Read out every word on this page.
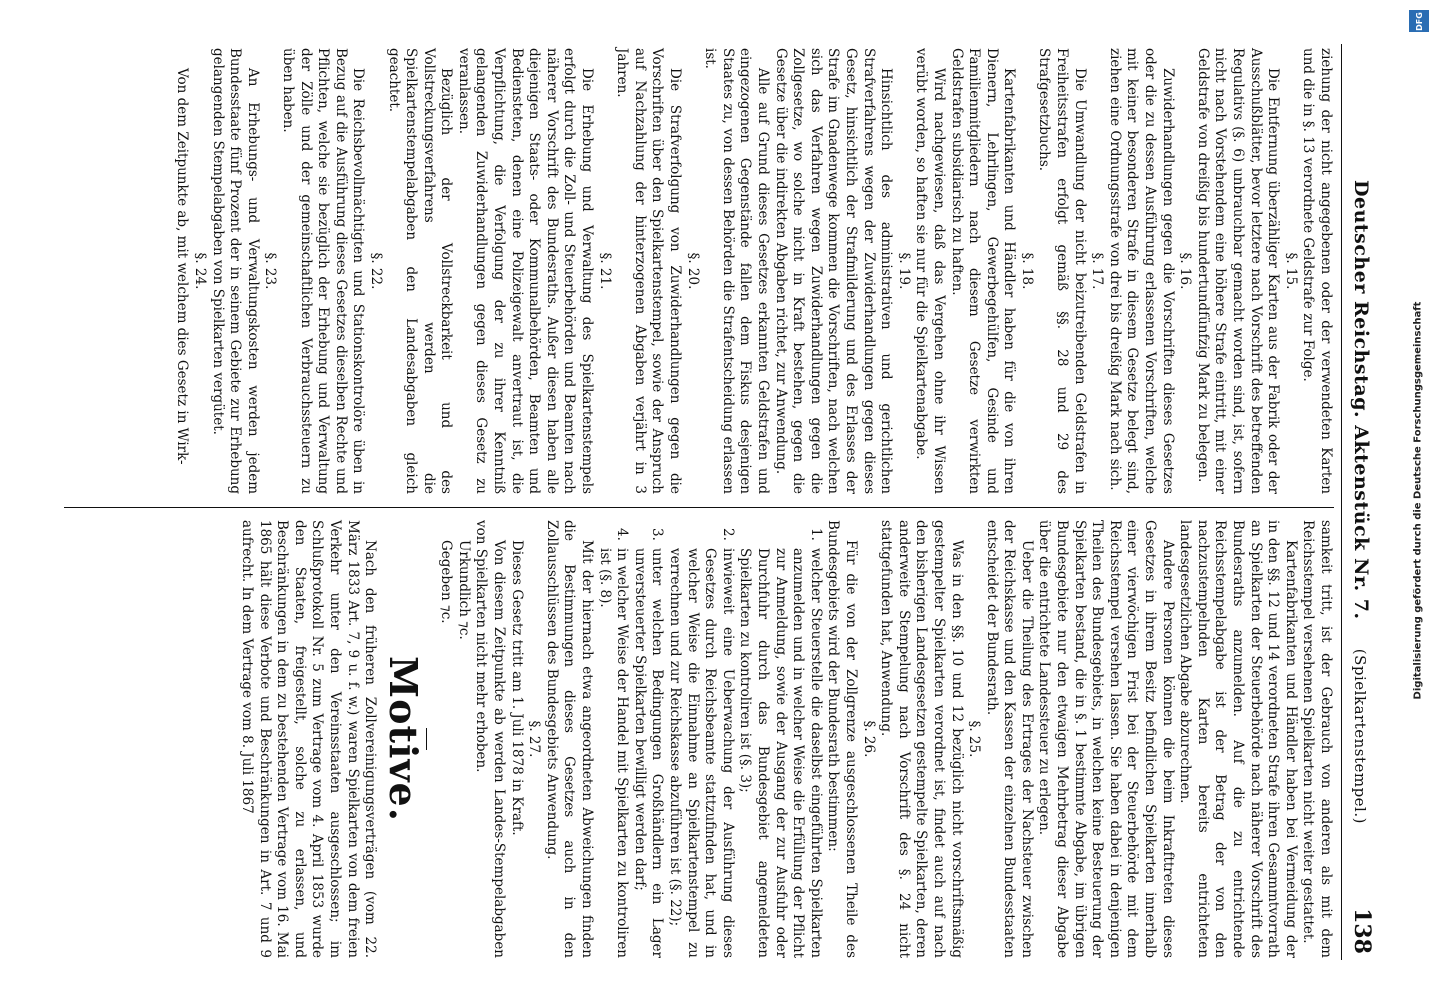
Deutscher Reichstag. Aktenstück Nr. 7. (Spielkartenstempel.)
138

ziehung der nicht angegebenen oder der verwendeten Karten und die in §. 13 verordnete Geldstrafe zur Folge.

§. 15.

Die Entfernung überzähliger Karten aus der Fabrik oder der Ausschußblätter, bevor letztere nach Vorschrift des betreffenden Regulativs (§. 6) unbrauchbar gemacht worden sind, ist, sofern nicht nach Vorstehendem eine höhere Strafe eintritt, mit einer Geldstrafe von dreißig bis hundertundfünfzig Mark zu belegen.

§. 16.

Zuwiderhandlungen gegen die Vorschriften dieses Gesetzes oder die zu dessen Ausführung erlassenen Vorschriften, welche mit keiner besonderen Strafe in diesem Gesetze belegt sind, ziehen eine Ordnungsstrafe von drei bis dreißig Mark nach sich.

§. 17.

Die Umwandlung der nicht beizutreibenden Geldstrafen in Freiheitsstrafen erfolgt gemäß §§. 28 und 29 des Strafgesetzbuchs.

§. 18.

Kartenfabrikanten und Händler haben für die von ihren Dienern, Lehrlingen, Gewerbegehülfen, Gesinde und Familienmitgliedern nach diesem Gesetze verwirkten Geldstrafen subsidiarisch zu haften.

Wird nachgewiesen, daß das Vergehen ohne ihr Wissen verübt worden, so haften sie nur für die Spielkartenabgabe.

§. 19.

Hinsichtlich des administrativen und gerichtlichen Strafverfahrens wegen der Zuwiderhandlungen gegen dieses Gesetz, hinsichtlich der Strafmilderung und des Erlasses der Strafe im Gnadenwege kommen die Vorschriften, nach welchen sich das Verfahren wegen Zuwiderhandlungen gegen die Zollgesetze, wo solche nicht in Kraft bestehen, gegen die Gesetze über die indirekten Abgaben richtet, zur Anwendung.

Alle auf Grund dieses Gesetzes erkannten Geldstrafen und eingezogenen Gegenstände fallen dem Fiskus desjenigen Staates zu, von dessen Behörden die Strafentscheidung erlassen ist.

§. 20.

Die Strafverfolgung von Zuwiderhandlungen gegen die Vorschriften über den Spielkartenstempel, sowie der Anspruch auf Nachzahlung der hinterzogenen Abgaben verjährt in 3 Jahren.

§. 21.

Die Erhebung und Verwaltung des Spielkartenstempels erfolgt durch die Zoll- und Steuerbehörden und Beamten nach näherer Vorschrift des Bundesraths. Außer diesen haben alle diejenigen Staats- oder Kommunalbehörden, Beamten und Bediensteten, denen eine Polizeigewalt anvertraut ist, die Verpflichtung, die Verfolgung der zu ihrer Kenntniß gelangenden Zuwiderhandlungen gegen dieses Gesetz zu veranlassen.

Bezüglich der Vollstreckbarkeit und des Vollstreckungsverfahrens werden die Spielkartenstempelabgaben den Landesabgaben gleich geachtet.

§. 22.

Die Reichsbevollmächtigten und Stationskontrolöre üben in Bezug auf die Ausführung dieses Gesetzes dieselben Rechte und Pflichten, welche sie bezüglich der Erhebung und Verwaltung der Zölle und der gemeinschaftlichen Verbrauchssteuern zu üben haben.

§. 23.

An Erhebungs- und Verwaltungskosten werden jedem Bundesstaate fünf Prozent der in seinem Gebiete zur Erhebung gelangenden Stempelabgaben von Spielkarten vergütet.

§. 24.

Von dem Zeitpunkte ab, mit welchem dies Gesetz in Wirk-

samkeit tritt, ist der Gebrauch von anderen als mit dem Reichsstempel versehenen Spielkarten nicht weiter gestattet.

Kartenfabrikanten und Händler haben bei Vermeidung der in den §§. 12 und 14 verordneten Strafe ihren Gesammtvorrath an Spielkarten der Steuerbehörde nach näherer Vorschrift des Bundesraths anzumelden. Auf die zu entrichtende Reichsstempelabgabe ist der Betrag der von den nachzustempelnden Karten bereits entrichteten landesgesetzlichen Abgabe abzurechnen.

Andere Personen können die beim Inkrafttreten dieses Gesetzes in ihrem Besitz befindlichen Spielkarten innerhalb einer vierwöchigen Frist bei der Steuerbehörde mit dem Reichsstempel versehen lassen. Sie haben dabei in denjenigen Theilen des Bundesgebiets, in welchen keine Besteuerung der Spielkarten bestand, die in §. 1 bestimmte Abgabe, im übrigen Bundesgebiete nur den etwaigen Mehrbetrag dieser Abgabe über die entrichtete Landessteuer zu erlegen.

Ueber die Theilung des Ertrages der Nachsteuer zwischen der Reichskasse und den Kassen der einzelnen Bundesstaaten entscheidet der Bundesrath.

§. 25.

Was in den §§. 10 und 12 bezüglich nicht vorschriftsmäßig gestempelter Spielkarten verordnet ist, findet auch auf nach den bisherigen Landesgesetzen gestempelte Spielkarten, deren anderweite Stempelung nach Vorschrift des §. 24 nicht stattgefunden hat, Anwendung.

§. 26.

Für die von der Zollgrenze ausgeschlossenen Theile des Bundesgebiets wird der Bundesrath bestimmen:

1.
welcher Steuerstelle die daselbst eingeführten Spielkarten anzumelden und in welcher Weise die Erfüllung der Pflicht zur Anmeldung, sowie der Ausgang der zur Ausfuhr oder Durchfuhr durch das Bundesgebiet angemeldeten Spielkarten zu kontroliren ist (§. 3);

2.
inwieweit eine Ueberwachung der Ausführung dieses Gesetzes durch Reichsbeamte stattzufinden hat, und in welcher Weise die Einnahme an Spielkartenstempel zu verrechnen und zur Reichskasse abzuführen ist (§. 22);

3.
unter welchen Bedingungen Großhändlern ein Lager unversteuerter Spielkarten bewilligt werden darf;

4.
in welcher Weise der Handel mit Spielkarten zu kontroliren ist (§. 8).

Mit der hiernach etwa angeordneten Abweichungen finden die Bestimmungen dieses Gesetzes auch in den Zollausschlüssen des Bundesgebiets Anwendung.

§. 27.

Dieses Gesetz tritt am 1. Juli 1878 in Kraft.

Von diesem Zeitpunkte ab werden Landes-Stempelabgaben von Spielkarten nicht mehr erhoben.

Urkundlich ⁊c.

Gegeben ⁊c.

Motive.

Nach den früheren Zollvereinigungsverträgen (vom 22. März 1833 Art. 7, 9 u. f. w.) waren Spielkarten von dem freien Verkehr unter den Vereinsstaaten ausgeschlossen; im Schlußprotokoll Nr. 5 zum Vertrage vom 4. April 1853 wurde den Staaten, freigestellt, solche zu erlassen, und Beschränkungen in dem zu bestehenden Vertrage vom 16. Mai 1865 hält diese Verbote und Beschränkungen in Art. 7 und 9 aufrecht. In dem Vertrage vom 8. Juli 1867	Digitalisierung gefördert durch die Deutsche Forschungsgemeinschaft
DFG
